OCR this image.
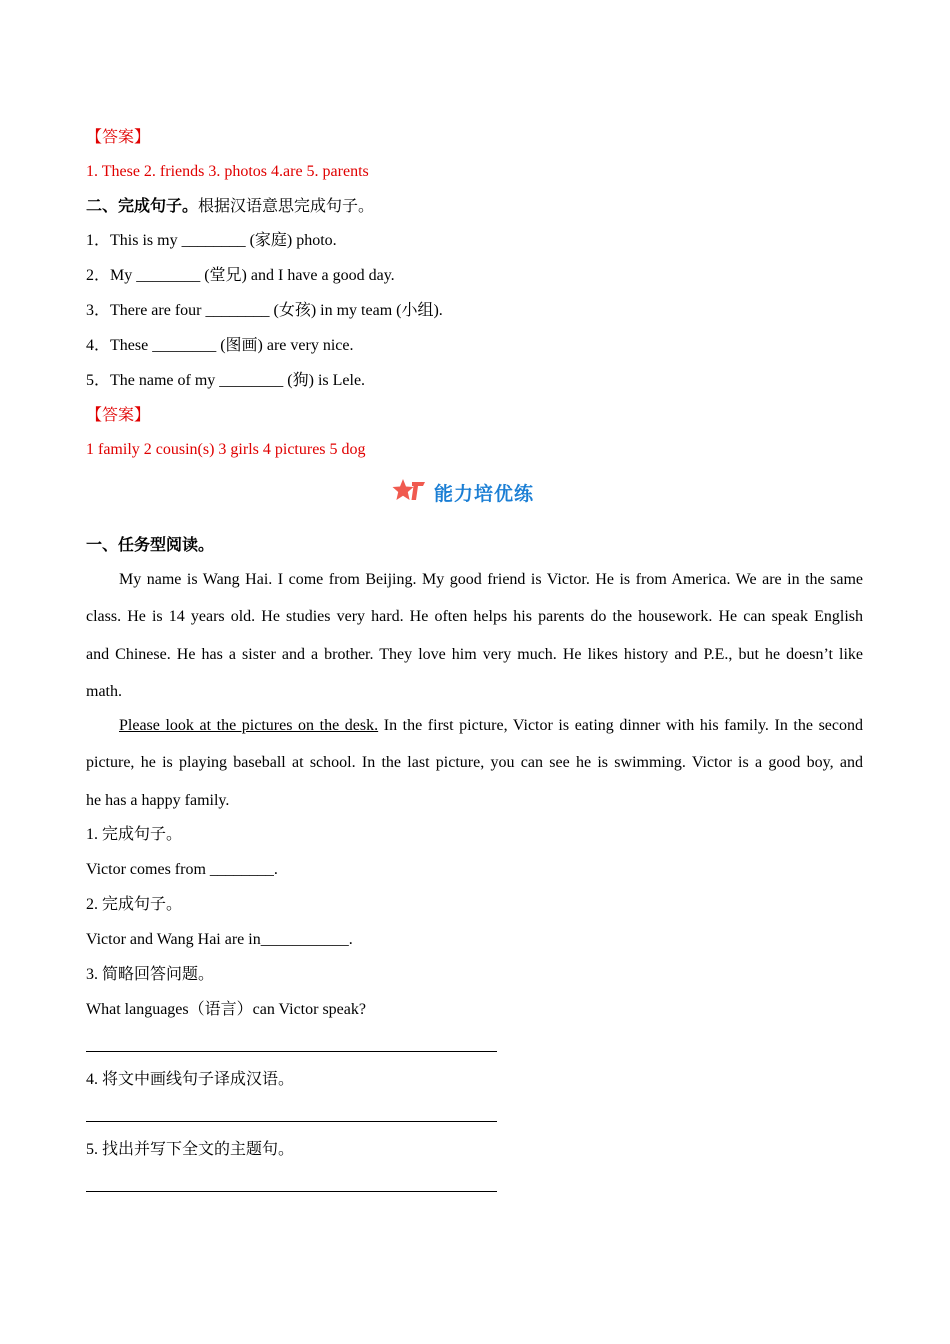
【答案】
1. These 2. friends 3. photos 4.are 5. parents
二、完成句子。根据汉语意思完成句子。
1．This is my ________ (家庭) photo.
2．My ________ (堂兄) and I have a good day.
3．There are four ________ (女孩) in my team (小组).
4．These ________ (图画) are very nice.
5．The name of my ________ (狗) is Lele.
【答案】
1 family 2 cousin(s) 3 girls 4 pictures 5 dog
能力培优练
一、任务型阅读。
My name is Wang Hai. I come from Beijing. My good friend is Victor. He is from America. We are in the same
class. He is 14 years old. He studies very hard. He often helps his parents do the housework. He can speak English
and Chinese. He has a sister and a brother. They love him very much. He likes history and P.E., but he doesn’t like
math.
Please look at the pictures on the desk. In the first picture, Victor is eating dinner with his family. In the second
picture, he is playing baseball at school. In the last picture, you can see he is swimming. Victor is a good boy, and
he has a happy family.
1. 完成句子。
Victor comes from ________.
2. 完成句子。
Victor and Wang Hai are in___________.
3. 简略回答问题。
What languages（语言）can Victor speak?
4. 将文中画线句子译成汉语。
5. 找出并写下全文的主题句。
